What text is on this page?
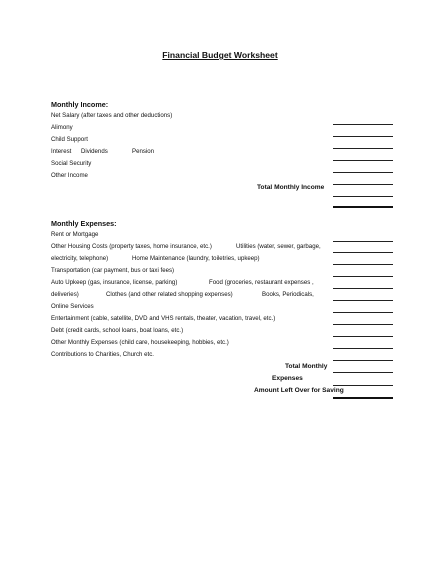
Financial Budget Worksheet
Monthly Income:
Net Salary (after taxes and other deductions)
Alimony
Child Support
Interest Dividends	Pension
Social Security
Other Income
Total Monthly Income
Monthly Expenses:
Rent or Mortgage
Other Housing Costs (property taxes, home insurance, etc.)	Utilities (water, sewer, garbage,
electricity, telephone)	Home Maintenance (laundry, toiletries, upkeep)
Transportation (car payment, bus or taxi fees)
Auto Upkeep (gas, insurance, license, parking)	Food (groceries, restaurant expenses ,
deliveries)	Clothes (and other related shopping expenses)	Books, Periodicals,
Online Services
Entertainment (cable, satellite, DVD and VHS rentals, theater, vacation, travel, etc.)
Debt (credit cards, school loans, boat loans, etc.)
Other Monthly Expenses (child care, housekeeping, hobbies, etc.)
Contributions to Charities, Church etc.
Total Monthly
Expenses
Amount Left Over for Saving
